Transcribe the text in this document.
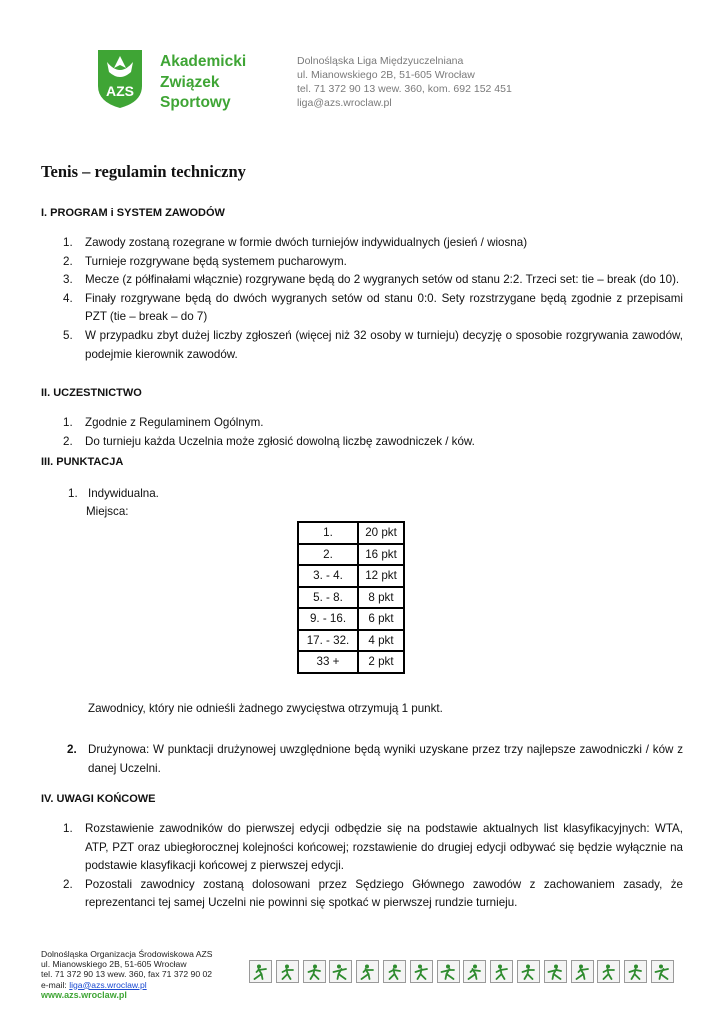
AZS
Akademicki
Związek
Sportowy
Dolnośląska Liga Międzyuczelniana
ul. Mianowskiego 2B, 51-605 Wrocław
tel. 71 372 90 13 wew. 360, kom. 692 152 451
liga@azs.wroclaw.pl
Tenis – regulamin techniczny
I. PROGRAM i SYSTEM ZAWODÓW
1. Zawody zostaną rozegrane w formie dwóch turniejów indywidualnych (jesień / wiosna)
2. Turnieje rozgrywane będą systemem pucharowym.
3. Mecze (z półfinałami włącznie) rozgrywane będą do 2 wygranych setów od stanu 2:2. Trzeci set: tie – break (do 10).
4. Finały rozgrywane będą do dwóch wygranych setów od stanu 0:0. Sety rozstrzygane będą zgodnie z przepisami PZT (tie – break – do 7)
5. W przypadku zbyt dużej liczby zgłoszeń (więcej niż 32 osoby w turnieju) decyzję o sposobie rozgrywania zawodów, podejmie kierownik zawodów.
II. UCZESTNICTWO
1. Zgodnie z Regulaminem Ogólnym.
2. Do turnieju każda Uczelnia może zgłosić dowolną liczbę zawodniczek / ków.
III. PUNKTACJA
1. Indywidualna.
Miejsca:
1.	20 pkt
2.	16 pkt
3. - 4.	12 pkt
5. - 8.	8 pkt
9. - 16.	6 pkt
17. - 32.	4 pkt
33 +	2 pkt
Zawodnicy, który nie odnieśli żadnego zwycięstwa otrzymują 1 punkt.
2. Drużynowa: W punktacji drużynowej uwzględnione będą wyniki uzyskane przez trzy najlepsze zawodniczki / ków z danej Uczelni.
IV. UWAGI KOŃCOWE
1. Rozstawienie zawodników do pierwszej edycji odbędzie się na podstawie aktualnych list klasyfikacyjnych: WTA, ATP, PZT oraz ubiegłorocznej kolejności końcowej; rozstawienie do drugiej edycji odbywać się będzie wyłącznie na podstawie klasyfikacji końcowej z pierwszej edycji.
2. Pozostali zawodnicy zostaną dolosowani przez Sędziego Głównego zawodów z zachowaniem zasady, że reprezentanci tej samej Uczelni nie powinni się spotkać w pierwszej rundzie turnieju.
Dolnośląska Organizacja Środowiskowa AZS
ul. Mianowskiego 2B, 51-605 Wrocław
tel. 71 372 90 13 wew. 360, fax 71 372 90 02
e-mail: liga@azs.wroclaw.pl
www.azs.wroclaw.pl
